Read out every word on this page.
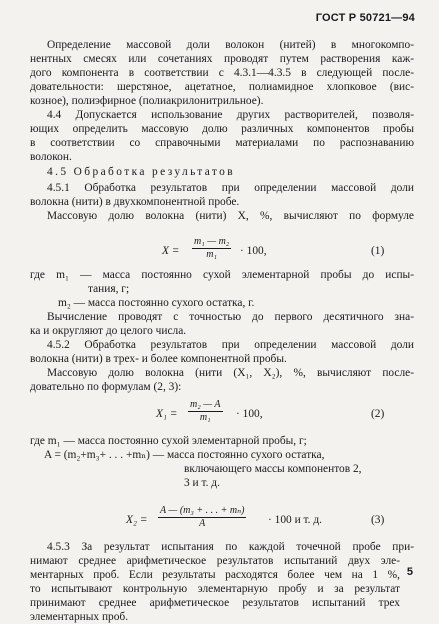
ГОСТ Р 50721—94
Определение массовой доли волокон (нитей) в многокомпо-
нентных смесях или сочетаниях проводят путем растворения каж-
дого компонента в соответствии с 4.3.1—4.3.5 в следующей после-
довательности: шерстяное, ацетатное, полиамидное хлопковое (вис-
козное), полиэфирное (полиакрилонитрильное).
4.4 Допускается использование других растворителей, позволя-
ющих определить массовую долю различных компонентов пробы
в соответствии со справочными материалами по распознаванию
волокон.
4.5 Обработка результатов
4.5.1 Обработка результатов при определении массовой доли
волокна (нити) в двухкомпонентной пробе.
Массовую долю волокна (нити) X, %, вычисляют по формуле
$X = \frac{\text{m₁ — m₂}}{\text{m₁}} \cdot 100$,	(1)
где m₁ — масса постоянно сухой элементарной пробы до испы-
тания, г;
m₂ — масса постоянно сухого остатка, г.
Вычисление проводят с точностью до первого десятичного зна-
ка и округляют до целого числа.
4.5.2 Обработка результатов при определении массовой доли
волокна (нити) в трех- и более компонентной пробы.
Массовую долю волокна (нити (X₁, X₂), %, вычисляют после-
довательно по формулам (2, 3):
$X_1 = \frac{\text{m₂ — A}}{\text{m₁}} \cdot 100$,	(2)
где m₁ — масса постоянно сухой элементарной пробы, г;
A = (m₂+m₃+ . . . +mₙ) — масса постоянно сухого остатка,
включающего массы компонентов 2,
3 и т. д.
$X_2 = \frac{\text{A — (m₃ + . . . + mₙ)}}{A} \cdot 100$ и т. д.	(3)
4.5.3 За результат испытания по каждой точечной пробе при-
нимают среднее арифметическое результатов испытаний двух эле-
ментарных проб. Если результаты расходятся более чем на 1 %,
то испытывают контрольную элементарную пробу и за результат
принимают среднее арифметическое результатов испытаний трех
элементарных проб.
5
